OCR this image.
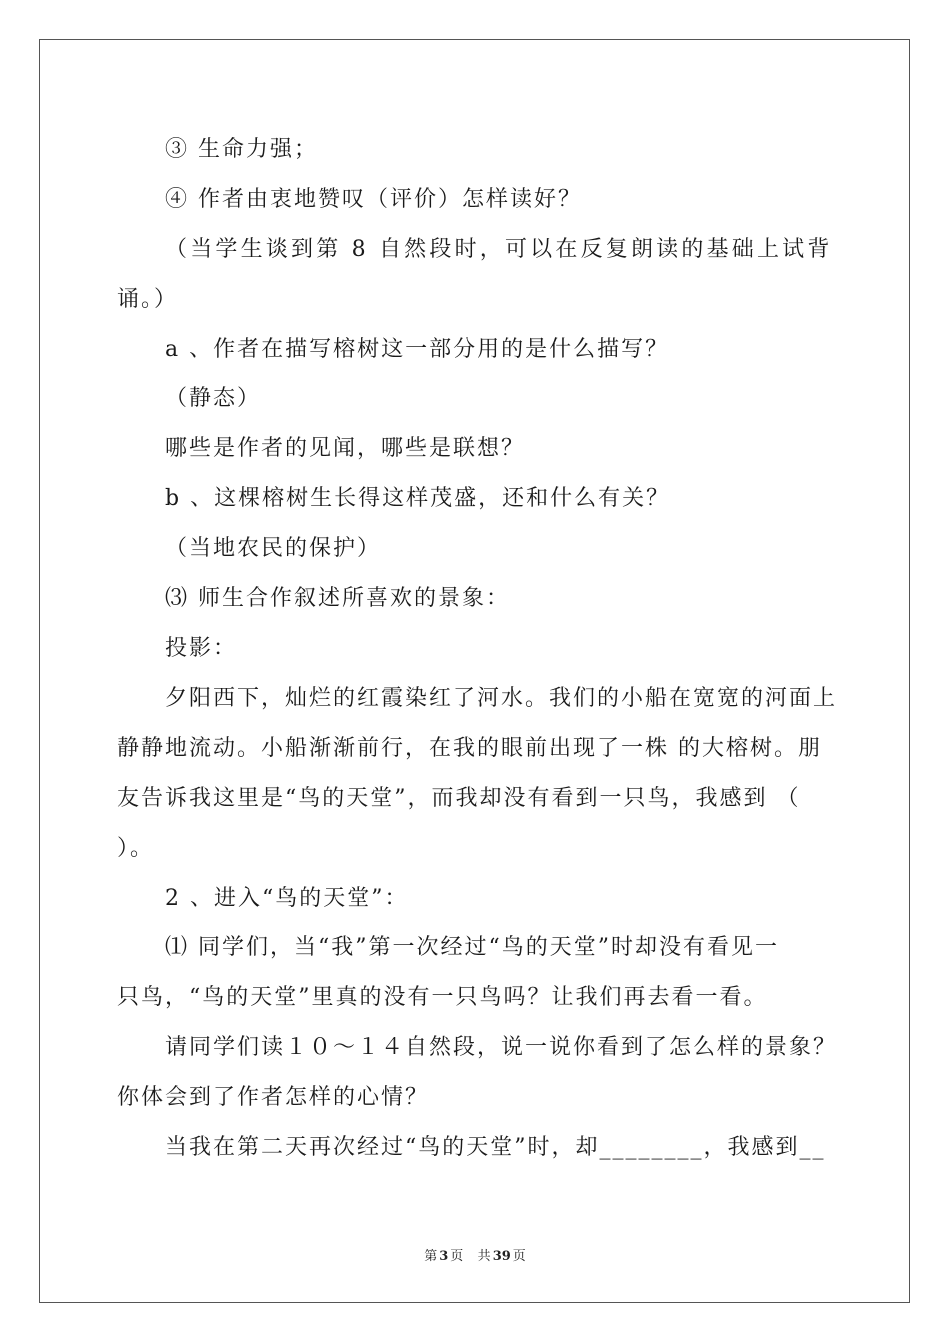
③ 生命力强；
④ 作者由衷地赞叹（评价）怎样读好？
（当学生谈到第 8 自然段时，可以在反复朗读的基础上试背
诵。）
a 、作者在描写榕树这一部分用的是什么描写？
（静态）
哪些是作者的见闻，哪些是联想？
b 、这棵榕树生长得这样茂盛，还和什么有关？
（当地农民的保护）
⑶ 师生合作叙述所喜欢的景象：
投影：
夕阳西下，灿烂的红霞染红了河水。我们的小船在宽宽的河面上
静静地流动。小船渐渐前行，在我的眼前出现了一株 的大榕树。朋
友告诉我这里是“鸟的天堂”，而我却没有看到一只鸟，我感到 （
）。
2 、进入“鸟的天堂”：
⑴ 同学们，当“我”第一次经过“鸟的天堂”时却没有看见一
只鸟，“鸟的天堂”里真的没有一只鸟吗？让我们再去看一看。
请同学们读１０～１４自然段，说一说你看到了怎么样的景象？
你体会到了作者怎样的心情？
当我在第二天再次经过“鸟的天堂”时，却________，我感到__
第 3 页 共 39 页
